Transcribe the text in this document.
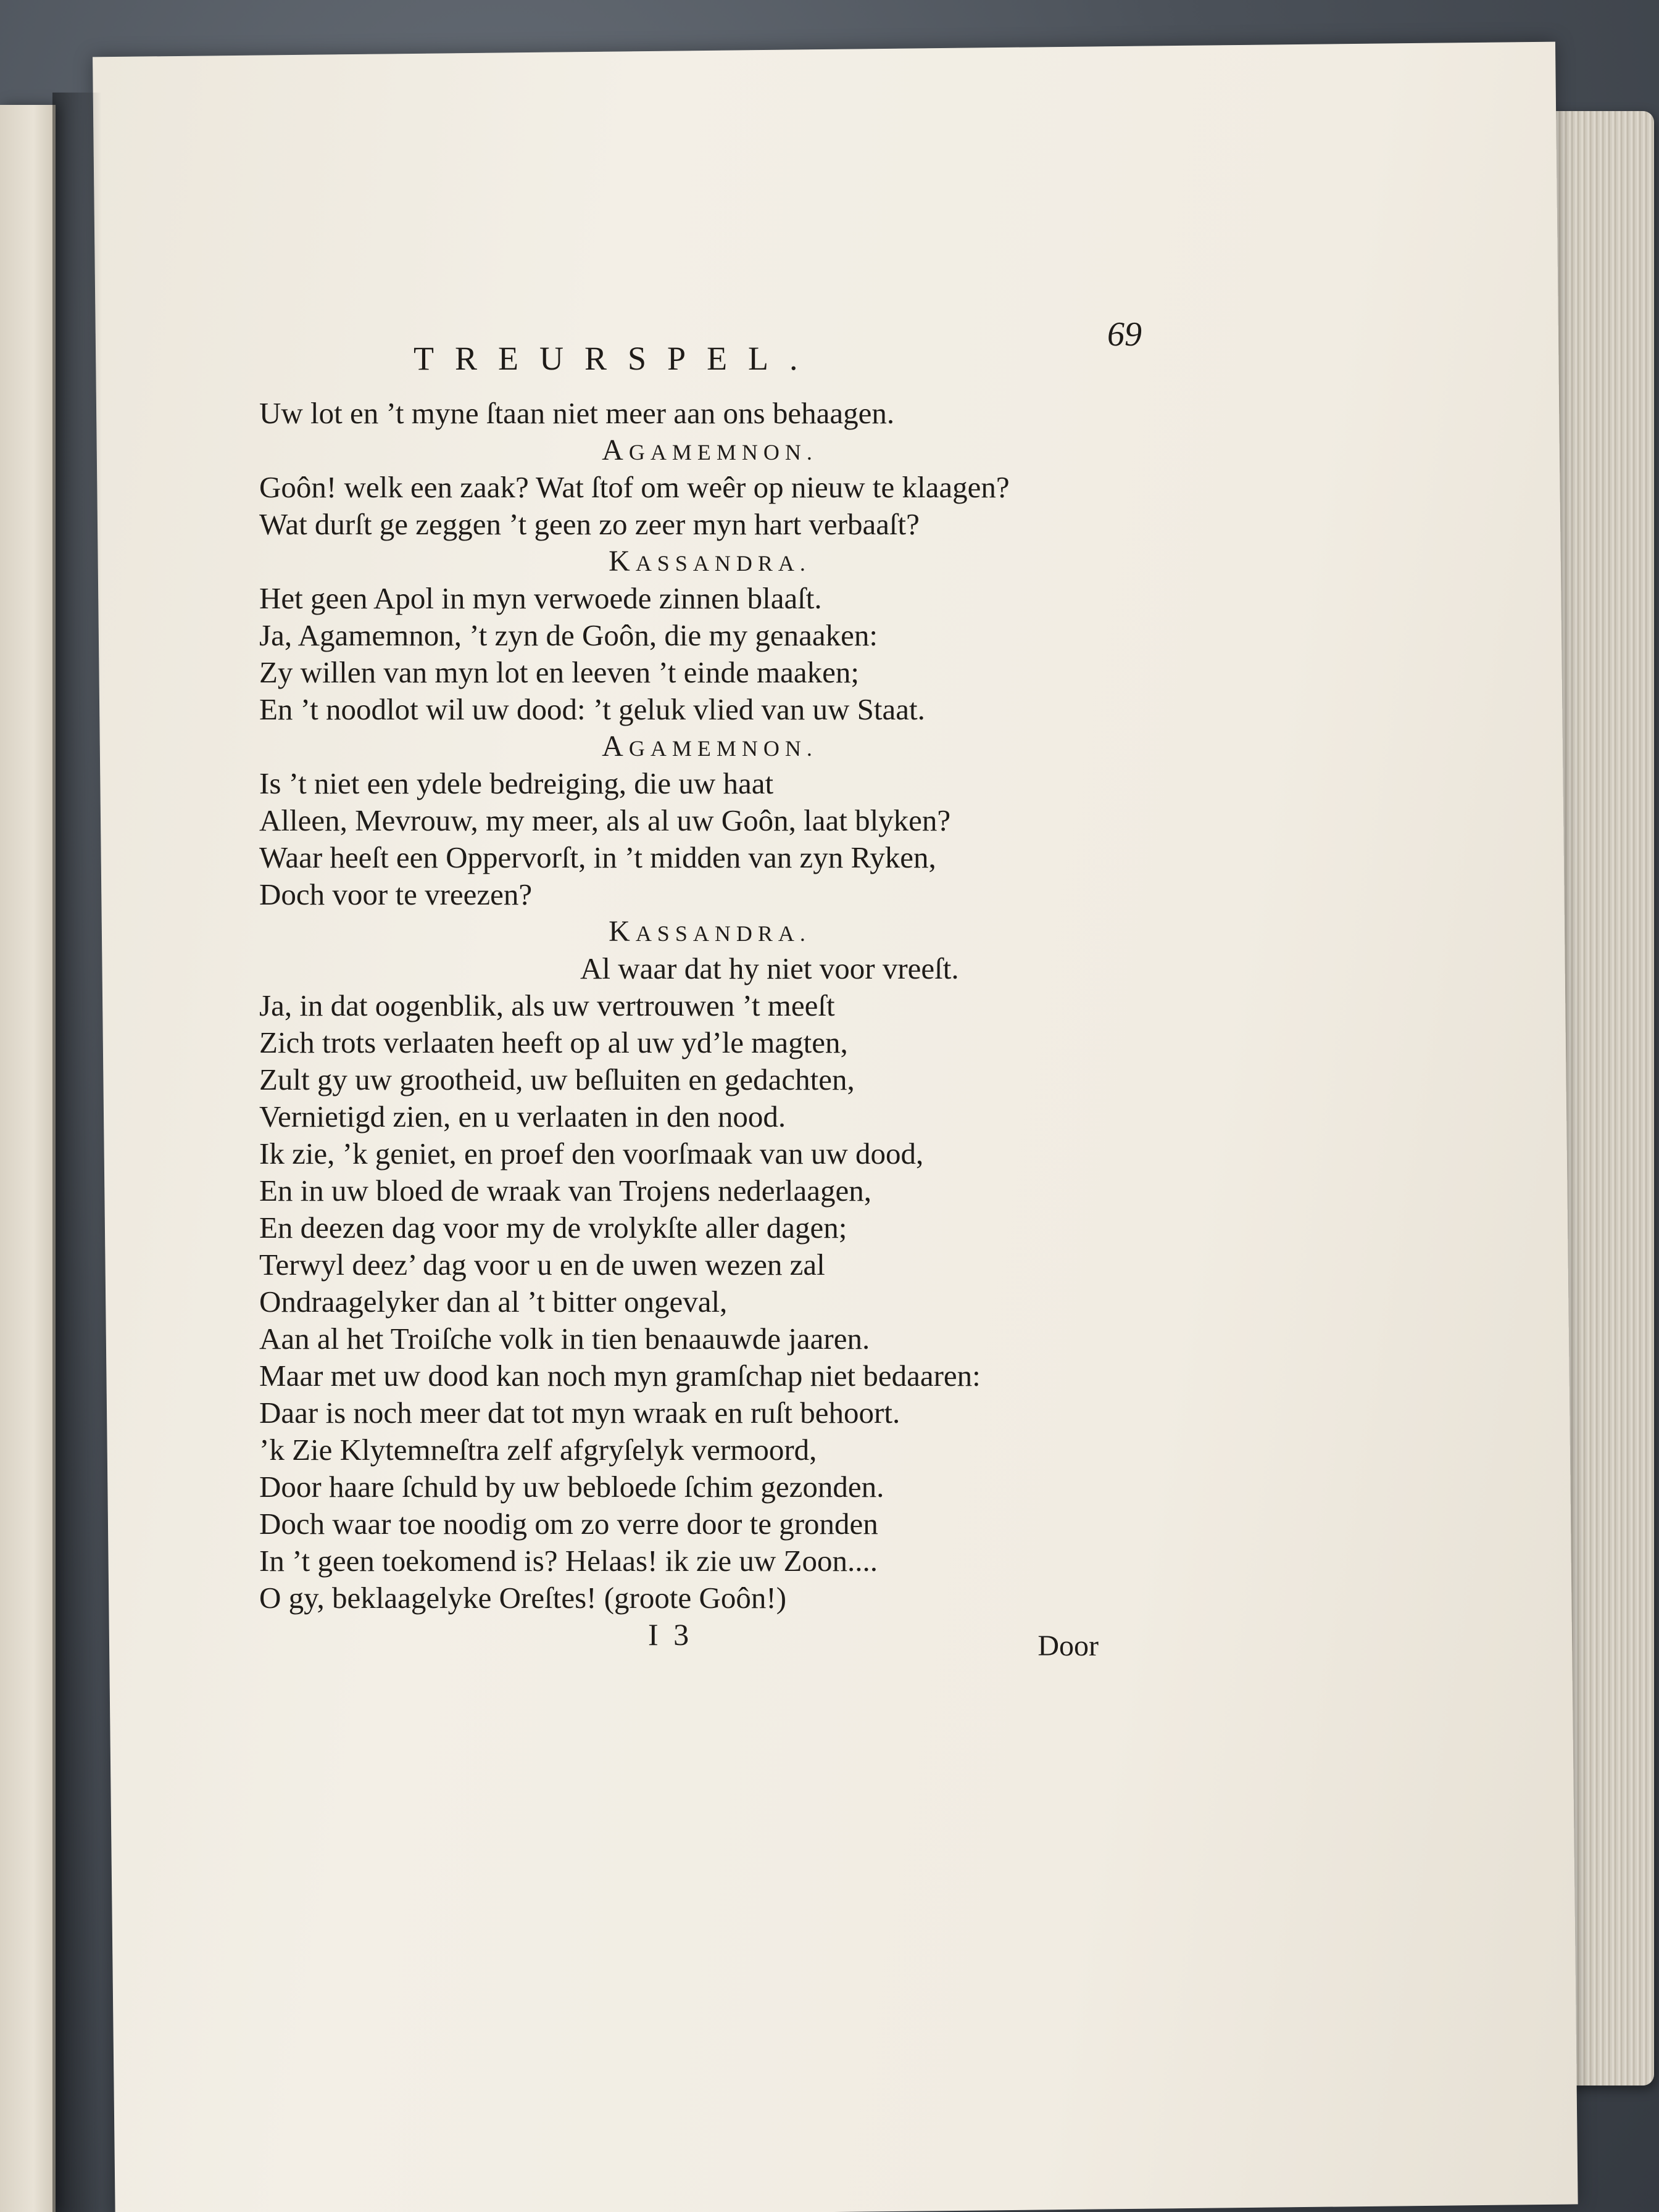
TREURSPEL.
69
Uw lot en ’t myne ſtaan niet meer aan ons behaagen.
AGAMEMNON.
Goôn! welk een zaak? Wat ſtof om weêr op nieuw te klaagen?
Wat durſt ge zeggen ’t geen zo zeer myn hart verbaaſt?
KASSANDRA.
Het geen Apol in myn verwoede zinnen blaaſt.
Ja, Agamemnon, ’t zyn de Goôn, die my genaaken:
Zy willen van myn lot en leeven ’t einde maaken;
En ’t noodlot wil uw dood: ’t geluk vlied van uw Staat.
AGAMEMNON.
Is ’t niet een ydele bedreiging, die uw haat
Alleen, Mevrouw, my meer, als al uw Goôn, laat blyken?
Waar heeſt een Oppervorſt, in ’t midden van zyn Ryken,
Doch voor te vreezen?
KASSANDRA.
Al waar dat hy niet voor vreeſt.
Ja, in dat oogenblik, als uw vertrouwen ’t meeſt
Zich trots verlaaten heeft op al uw yd’le magten,
Zult gy uw grootheid, uw beſluiten en gedachten,
Vernietigd zien, en u verlaaten in den nood.
Ik zie, ’k geniet, en proef den voorſmaak van uw dood,
En in uw bloed de wraak van Trojens nederlaagen,
En deezen dag voor my de vrolykſte aller dagen;
Terwyl deez’ dag voor u en de uwen wezen zal
Ondraagelyker dan al ’t bitter ongeval,
Aan al het Troiſche volk in tien benaauwde jaaren.
Maar met uw dood kan noch myn gramſchap niet bedaaren:
Daar is noch meer dat tot myn wraak en ruſt behoort.
’k Zie Klytemneſtra zelf afgryſelyk vermoord,
Door haare ſchuld by uw bebloede ſchim gezonden.
Doch waar toe noodig om zo verre door te gronden
In ’t geen toekomend is? Helaas! ik zie uw Zoon....
O gy, beklaagelyke Oreſtes! (groote Goôn!)
I 3	Door
